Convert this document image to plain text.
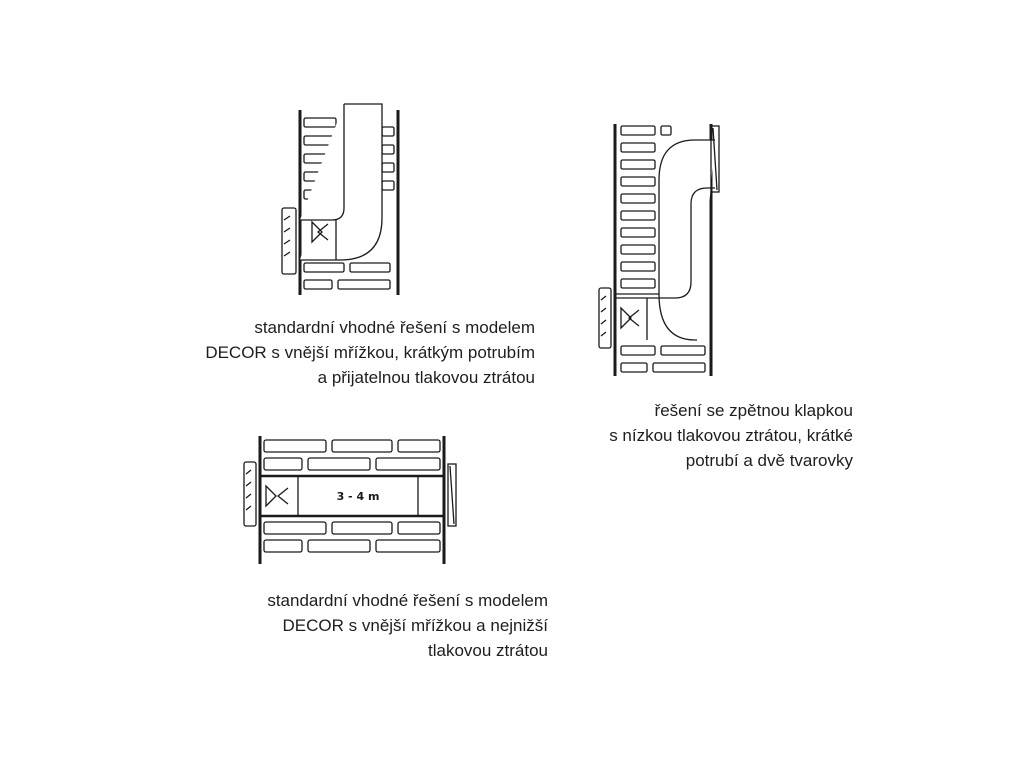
standardní vhodné řešení s modelem
DECOR s vnější mřížkou, krátkým potrubím
a přijatelnou tlakovou ztrátou
řešení se zpětnou klapkou
s nízkou tlakovou ztrátou, krátké
potrubí a dvě tvarovky
3 - 4 m
standardní vhodné řešení s modelem
DECOR s vnější mřížkou a nejnižší
tlakovou ztrátou
